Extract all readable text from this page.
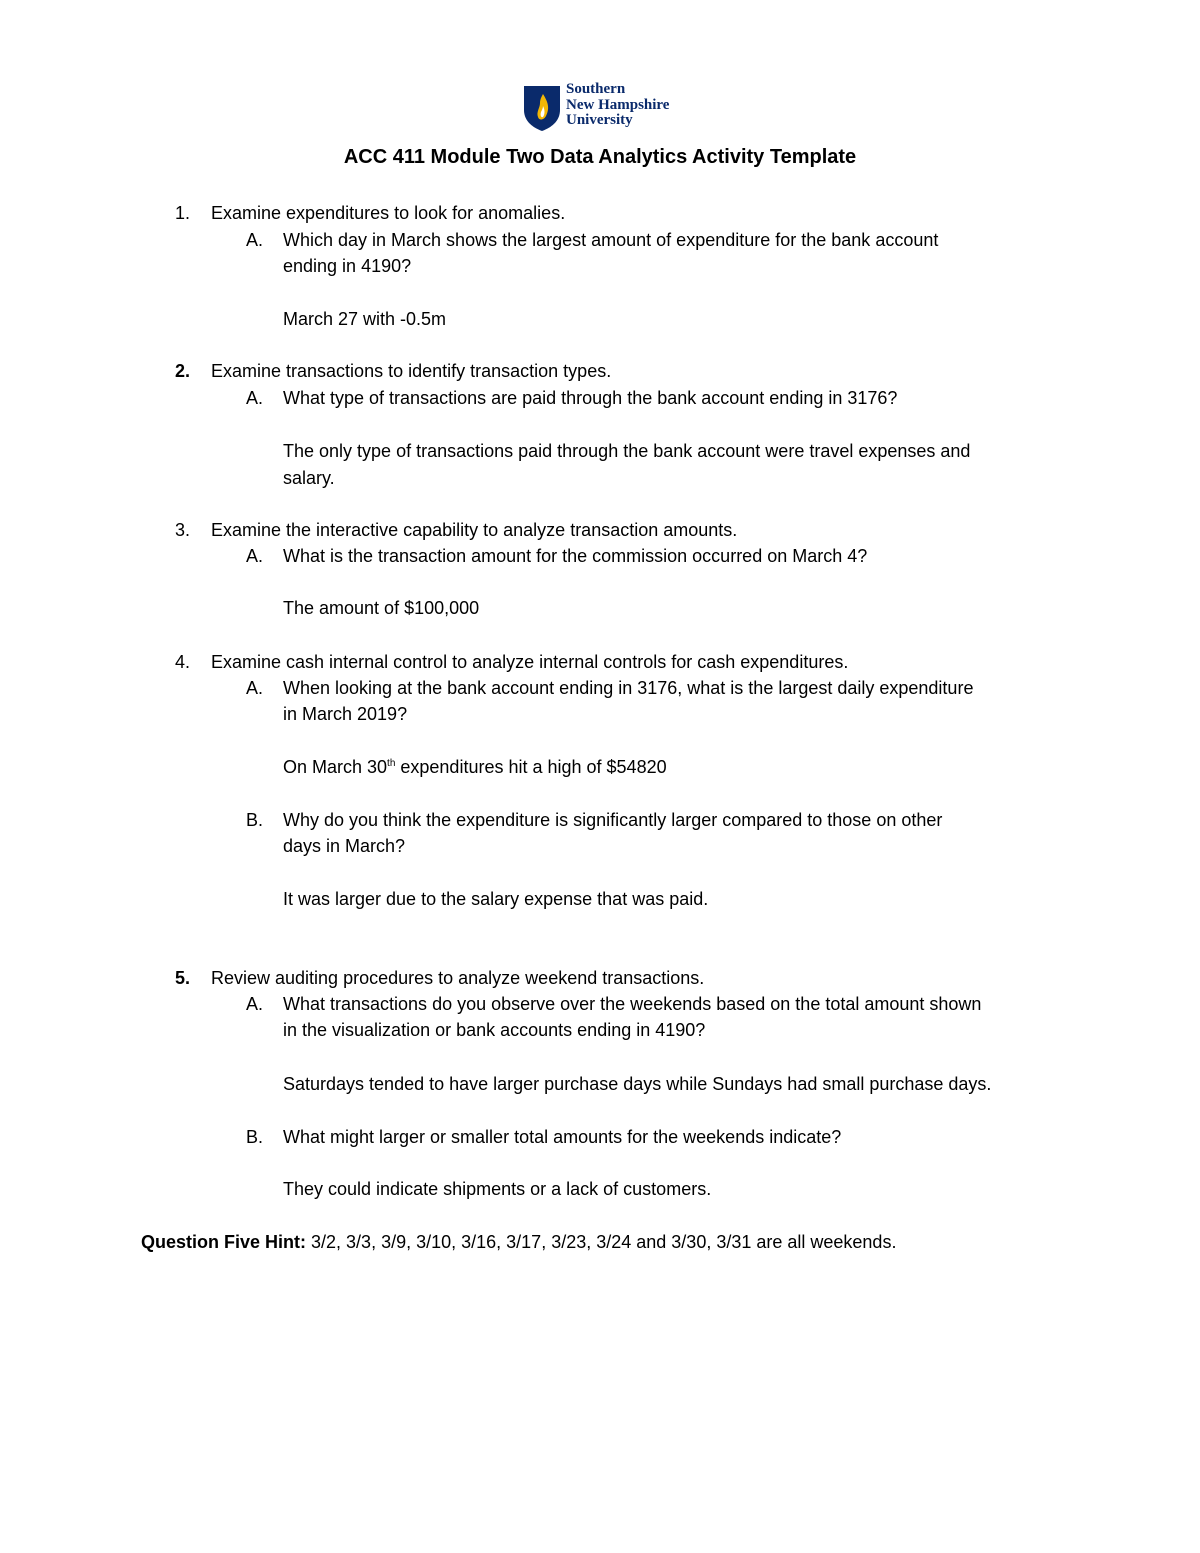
Southern
New Hampshire
University
ACC 411 Module Two Data Analytics Activity Template
1. Examine expenditures to look for anomalies.
A. Which day in March shows the largest amount of expenditure for the bank account
ending in 4190?
March 27 with -0.5m
2. Examine transactions to identify transaction types.
A. What type of transactions are paid through the bank account ending in 3176?
The only type of transactions paid through the bank account were travel expenses and
salary.
3. Examine the interactive capability to analyze transaction amounts.
A. What is the transaction amount for the commission occurred on March 4?
The amount of $100,000
4. Examine cash internal control to analyze internal controls for cash expenditures.
A. When looking at the bank account ending in 3176, what is the largest daily expenditure
in March 2019?
On March 30th expenditures hit a high of $54820
B. Why do you think the expenditure is significantly larger compared to those on other
days in March?
It was larger due to the salary expense that was paid.
5. Review auditing procedures to analyze weekend transactions.
A. What transactions do you observe over the weekends based on the total amount shown
in the visualization or bank accounts ending in 4190?
Saturdays tended to have larger purchase days while Sundays had small purchase days.
B. What might larger or smaller total amounts for the weekends indicate?
They could indicate shipments or a lack of customers.
Question Five Hint: 3/2, 3/3, 3/9, 3/10, 3/16, 3/17, 3/23, 3/24 and 3/30, 3/31 are all weekends.
